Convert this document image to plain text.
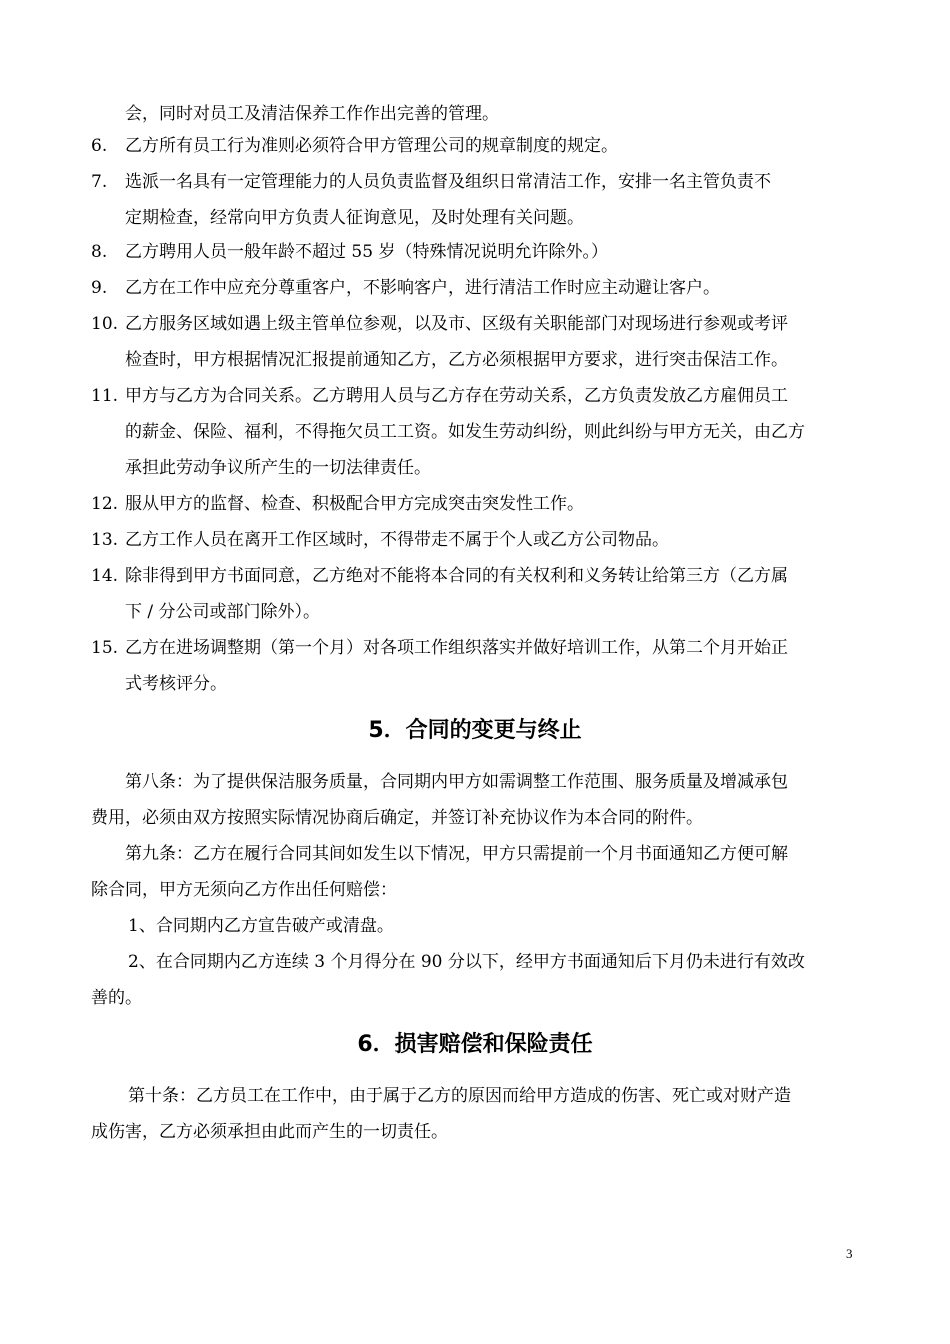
会，同时对员工及清洁保养工作作出完善的管理。
6.	乙方所有员工行为准则必须符合甲方管理公司的规章制度的规定。
7.	选派一名具有一定管理能力的人员负责监督及组织日常清洁工作，安排一名主管负责不
定期检查，经常向甲方负责人征询意见，及时处理有关问题。
8.	乙方聘用人员一般年龄不超过 55 岁（特殊情况说明允许除外。）
9.	乙方在工作中应充分尊重客户，不影响客户，进行清洁工作时应主动避让客户。
10. 乙方服务区域如遇上级主管单位参观，以及市、区级有关职能部门对现场进行参观或考评
检查时，甲方根据情况汇报提前通知乙方，乙方必须根据甲方要求，进行突击保洁工作。
11. 甲方与乙方为合同关系。乙方聘用人员与乙方存在劳动关系，乙方负责发放乙方雇佣员工
的薪金、保险、福利，不得拖欠员工工资。如发生劳动纠纷，则此纠纷与甲方无关，由乙方
承担此劳动争议所产生的一切法律责任。
12. 服从甲方的监督、检查、积极配合甲方完成突击突发性工作。
13. 乙方工作人员在离开工作区域时，不得带走不属于个人或乙方公司物品。
14. 除非得到甲方书面同意，乙方绝对不能将本合同的有关权利和义务转让给第三方（乙方属
下 / 分公司或部门除外）。
15. 乙方在进场调整期（第一个月）对各项工作组织落实并做好培训工作，从第二个月开始正
式考核评分。
5．合同的变更与终止
第八条：为了提供保洁服务质量，合同期内甲方如需调整工作范围、服务质量及增减承包
费用，必须由双方按照实际情况协商后确定，并签订补充协议作为本合同的附件。
第九条：乙方在履行合同其间如发生以下情况，甲方只需提前一个月书面通知乙方便可解
除合同，甲方无须向乙方作出任何赔偿：
1、合同期内乙方宣告破产或清盘。
2、在合同期内乙方连续 3 个月得分在 90 分以下，经甲方书面通知后下月仍未进行有效改
善的。
6．损害赔偿和保险责任
第十条：乙方员工在工作中，由于属于乙方的原因而给甲方造成的伤害、死亡或对财产造
成伤害，乙方必须承担由此而产生的一切责任。
3
